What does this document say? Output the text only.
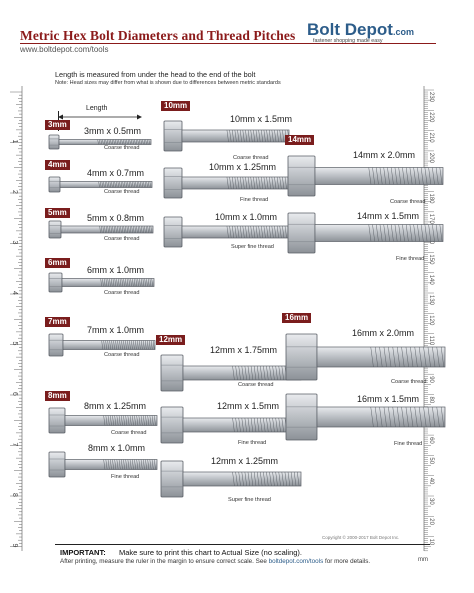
Metric Hex Bolt Diameters and Thread Pitches
www.boltdepot.com/tools
Bolt Depot.com
fastener shopping made easy
Length is measured from under the head to the end of the bolt
Note: Head sizes may differ from what is shown due to differences between metric standards
1
2
3
4
5
6
7
8
9
230
220
210
200
180
170
150
140
130
120
110
90
80
60
50
40
30
20
10
Length
3mm
3mm x 0.5mm
Coarse thread
4mm
4mm x 0.7mm
Coarse thread
5mm
5mm x 0.8mm
Coarse thread
6mm
6mm x 1.0mm
Coarse thread
7mm
7mm x 1.0mm
Coarse thread
8mm
8mm x 1.25mm
Coarse thread
8mm x 1.0mm
Fine thread
10mm
10mm x 1.5mm
Coarse thread
10mm x 1.25mm
Fine thread
10mm x 1.0mm
Super fine thread
12mm
12mm x 1.75mm
Coarse thread
12mm x 1.5mm
Fine thread
12mm x 1.25mm
Super fine thread
14mm
14mm x 2.0mm
Coarse thread
14mm x 1.5mm
Fine thread
16mm
16mm x 2.0mm
Coarse thread
16mm x 1.5mm
Fine thread
Copyright © 2000-2017 Bolt Depot Inc.
IMPORTANT: Make sure to print this chart to Actual Size (no scaling).
After printing, measure the ruler in the margin to ensure correct scale. See boltdepot.com/tools for more details.	mm
